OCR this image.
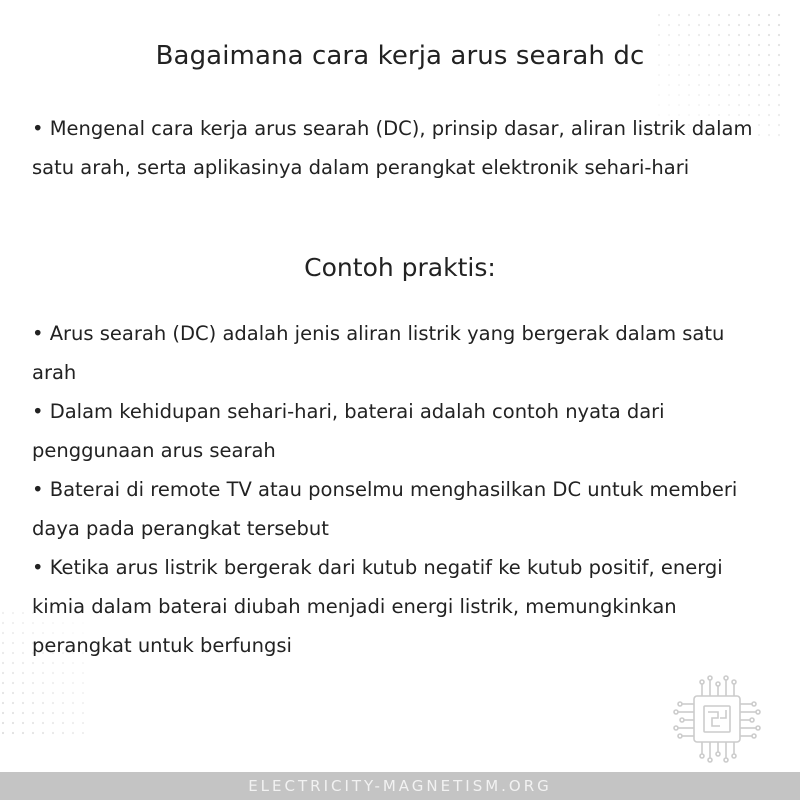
Bagaimana cara kerja arus searah dc

• Mengenal cara kerja arus searah (DC), prinsip dasar, aliran listrik dalam satu arah, serta aplikasinya dalam perangkat elektronik sehari-hari

Contoh praktis:
• Arus searah (DC) adalah jenis aliran listrik yang bergerak dalam satu arah
• Dalam kehidupan sehari-hari, baterai adalah contoh nyata dari penggunaan arus searah
• Baterai di remote TV atau ponselmu menghasilkan DC untuk memberi daya pada perangkat tersebut
• Ketika arus listrik bergerak dari kutub negatif ke kutub positif, energi kimia dalam baterai diubah menjadi energi listrik, memungkinkan perangkat untuk berfungsi
ELECTRICITY-MAGNETISM.ORG
